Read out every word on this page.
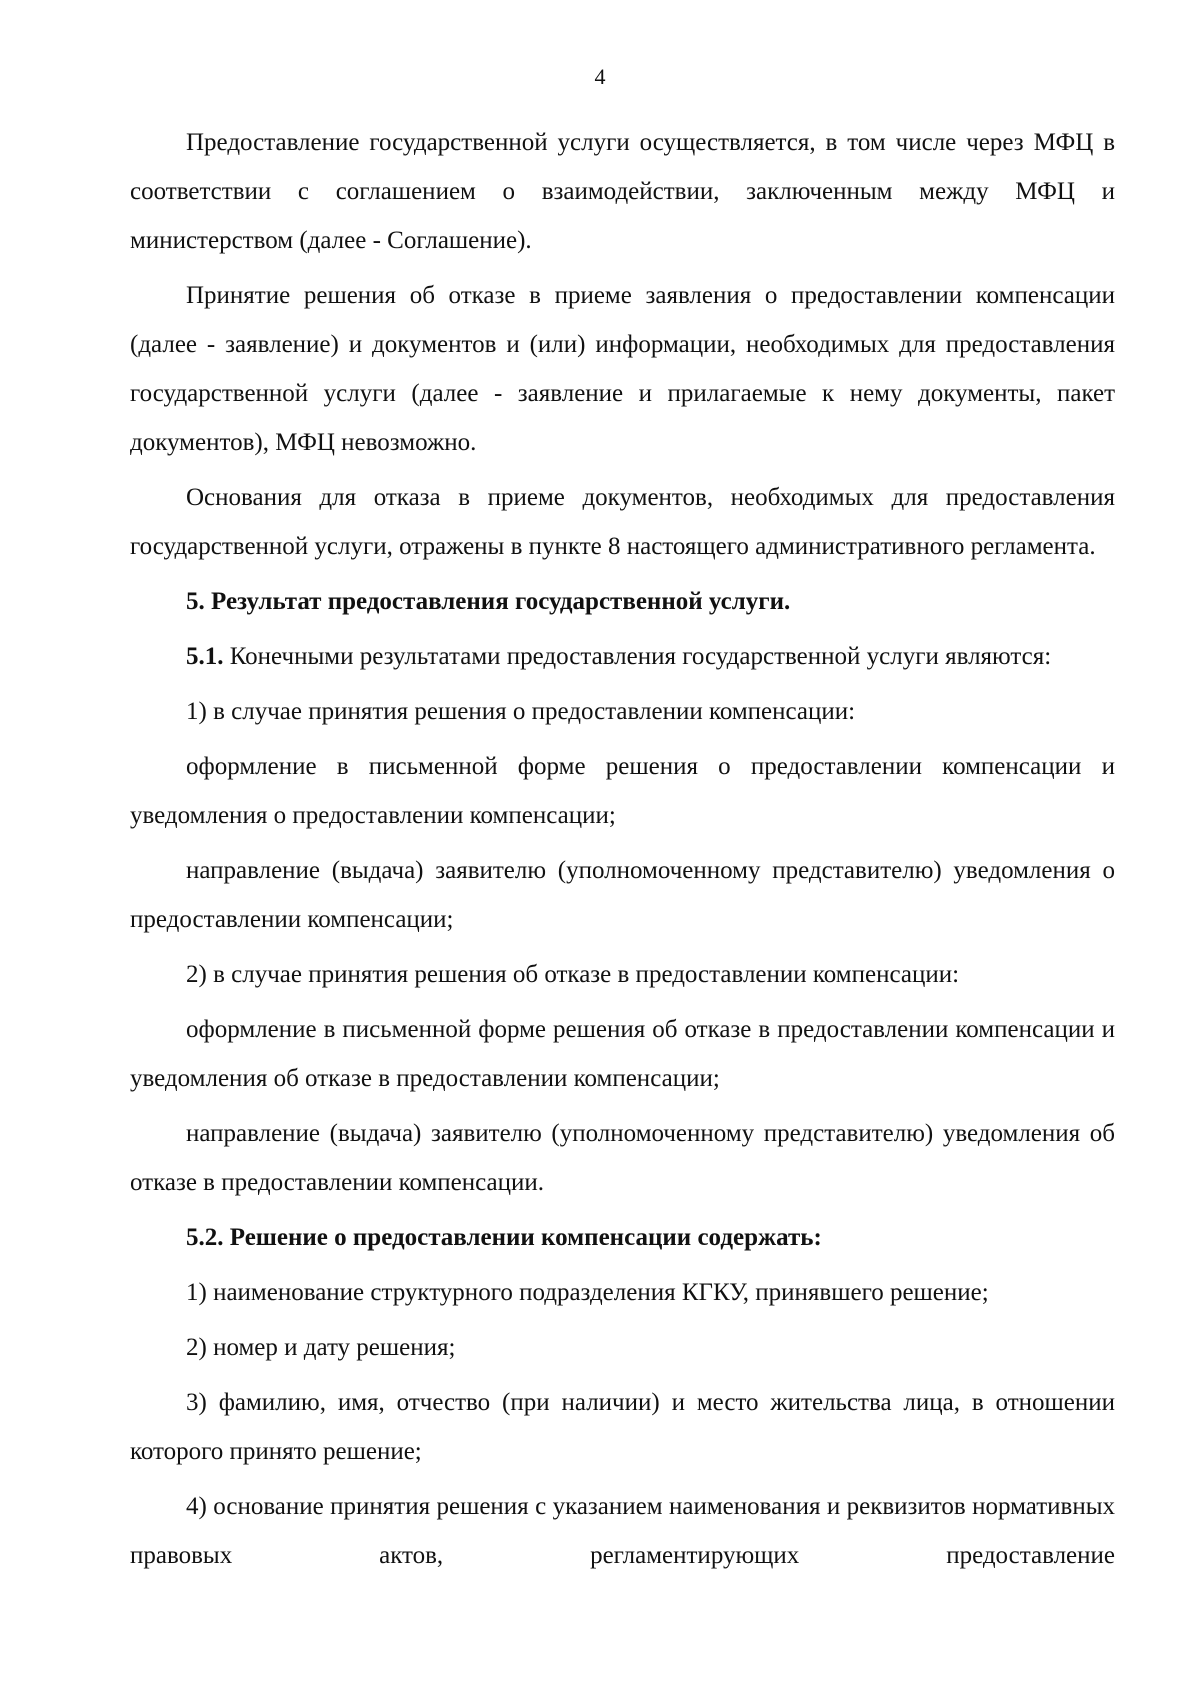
4

Предоставление государственной услуги осуществляется, в том числе через МФЦ в соответствии с соглашением о взаимодействии, заключенным между МФЦ и министерством (далее - Соглашение).

Принятие решения об отказе в приеме заявления о предоставлении компенсации (далее - заявление) и документов и (или) информации, необходимых для предоставления государственной услуги (далее - заявление и прилагаемые к нему документы, пакет документов), МФЦ невозможно.

Основания для отказа в приеме документов, необходимых для предоставления государственной услуги, отражены в пункте 8 настоящего административного регламента.

5. Результат предоставления государственной услуги.

5.1. Конечными результатами предоставления государственной услуги являются:

1) в случае принятия решения о предоставлении компенсации:

оформление в письменной форме решения о предоставлении компенсации и уведомления о предоставлении компенсации;

направление (выдача) заявителю (уполномоченному представителю) уведомления о предоставлении компенсации;

2) в случае принятия решения об отказе в предоставлении компенсации:

оформление в письменной форме решения об отказе в предоставлении компенсации и уведомления об отказе в предоставлении компенсации;

направление (выдача) заявителю (уполномоченному представителю) уведомления об отказе в предоставлении компенсации.

5.2. Решение о предоставлении компенсации содержать:

1) наименование структурного подразделения КГКУ, принявшего решение;

2) номер и дату решения;

3) фамилию, имя, отчество (при наличии) и место жительства лица, в отношении которого принято решение;

4) основание принятия решения с указанием наименования и реквизитов нормативных правовых актов, регламентирующих предоставление
